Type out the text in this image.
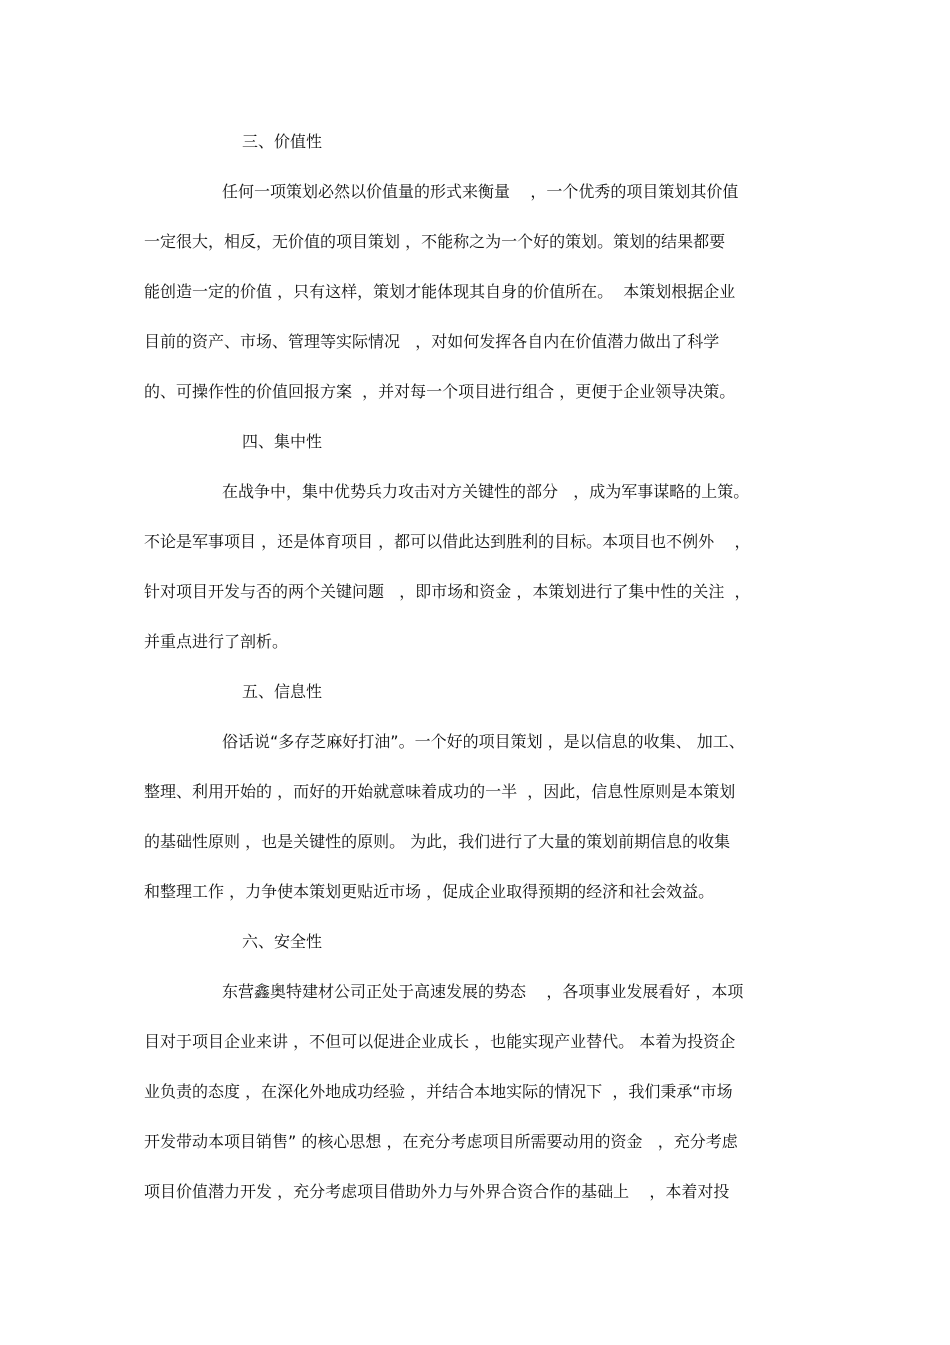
三、价值性
任何一项策划必然以价值量的形式来衡量    ，一个优秀的项目策划其价值
一定很大，相反，无价值的项目策划 ，不能称之为一个好的策划。策划的结果都要
能创造一定的价值 ，只有这样，策划才能体现其自身的价值所在。  本策划根据企业
目前的资产、市场、管理等实际情况   ，对如何发挥各自内在价值潜力做出了科学
的、可操作性的价值回报方案  ，并对每一个项目进行组合 ，更便于企业领导决策。
四、集中性
在战争中，集中优势兵力攻击对方关键性的部分   ，成为军事谋略的上策。
不论是军事项目 ，还是体育项目 ，都可以借此达到胜利的目标。本项目也不例外    ，
针对项目开发与否的两个关键问题   ，即市场和资金 ，本策划进行了集中性的关注  ，
并重点进行了剖析。
五、信息性
俗话说“多存芝麻好打油”。一个好的项目策划 ，是以信息的收集、 加工、
整理、利用开始的 ，而好的开始就意味着成功的一半  ，因此，信息性原则是本策划
的基础性原则 ，也是关键性的原则。 为此，我们进行了大量的策划前期信息的收集
和整理工作 ，力争使本策划更贴近市场 ，促成企业取得预期的经济和社会效益。
六、安全性
东营鑫奥特建材公司正处于高速发展的势态    ，各项事业发展看好 ，本项
目对于项目企业来讲 ，不但可以促进企业成长 ，也能实现产业替代。 本着为投资企
业负责的态度 ，在深化外地成功经验 ，并结合本地实际的情况下  ，我们秉承“市场
开发带动本项目销售” 的核心思想 ，在充分考虑项目所需要动用的资金   ，充分考虑
项目价值潜力开发 ，充分考虑项目借助外力与外界合资合作的基础上    ，本着对投
